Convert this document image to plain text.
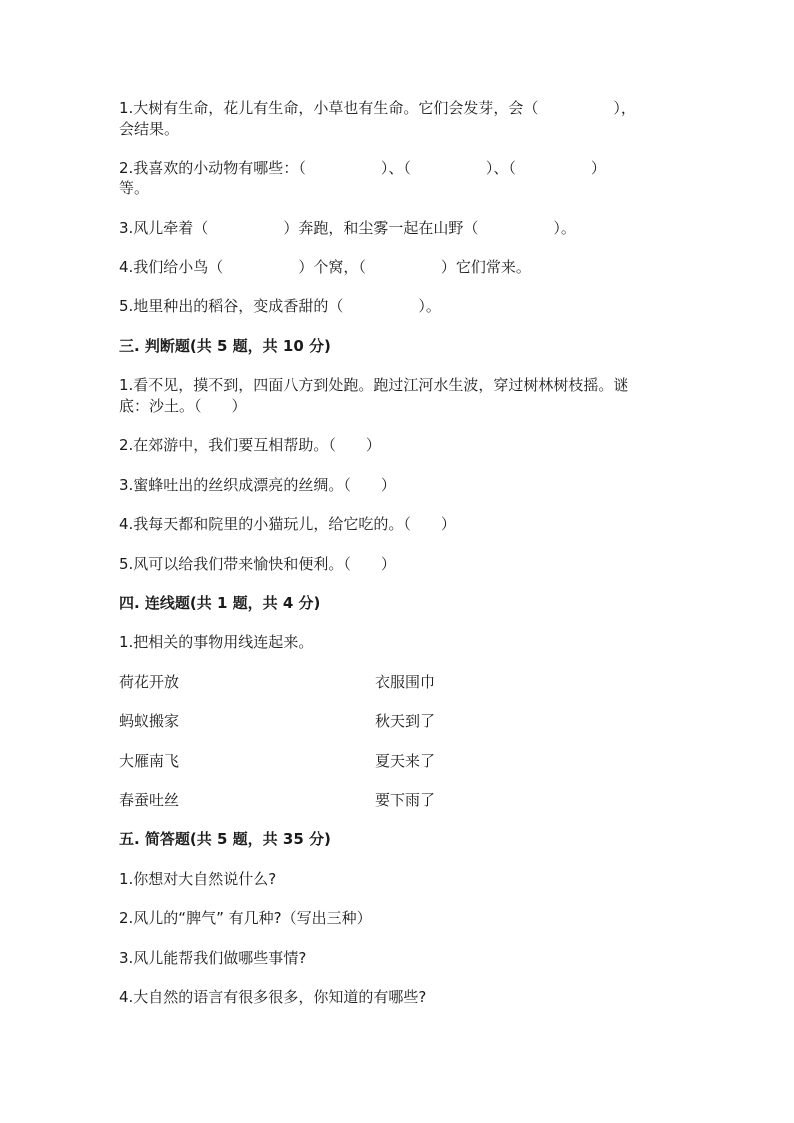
1.大树有生命，花儿有生命，小草也有生命。它们会发芽，会（　　　　　），
会结果。
2.我喜欢的小动物有哪些：（　　　　　）、（　　　　　）、（　　　　　）
等。
3.风儿牵着（　　　　　）奔跑，和尘雾一起在山野（　　　　　）。
4.我们给小鸟（　　　　　）个窝，（　　　　　）它们常来。
5.地里种出的稻谷，变成香甜的（　　　　　）。
三. 判断题(共 5 题，共 10 分)
1.看不见，摸不到，四面八方到处跑。跑过江河水生波，穿过树林树枝摇。谜
底：沙土。（　　）
2.在郊游中，我们要互相帮助。（　　）
3.蜜蜂吐出的丝织成漂亮的丝绸。（　　）
4.我每天都和院里的小猫玩儿，给它吃的。（　　）
5.风可以给我们带来愉快和便利。（　　）
四. 连线题(共 1 题，共 4 分)
1.把相关的事物用线连起来。
荷花开放	衣服围巾
蚂蚁搬家	秋天到了
大雁南飞	夏天来了
春蚕吐丝	要下雨了
五. 简答题(共 5 题，共 35 分)
1.你想对大自然说什么?
2.风儿的“脾气” 有几种?（写出三种）
3.风儿能帮我们做哪些事情?
4.大自然的语言有很多很多，你知道的有哪些?
